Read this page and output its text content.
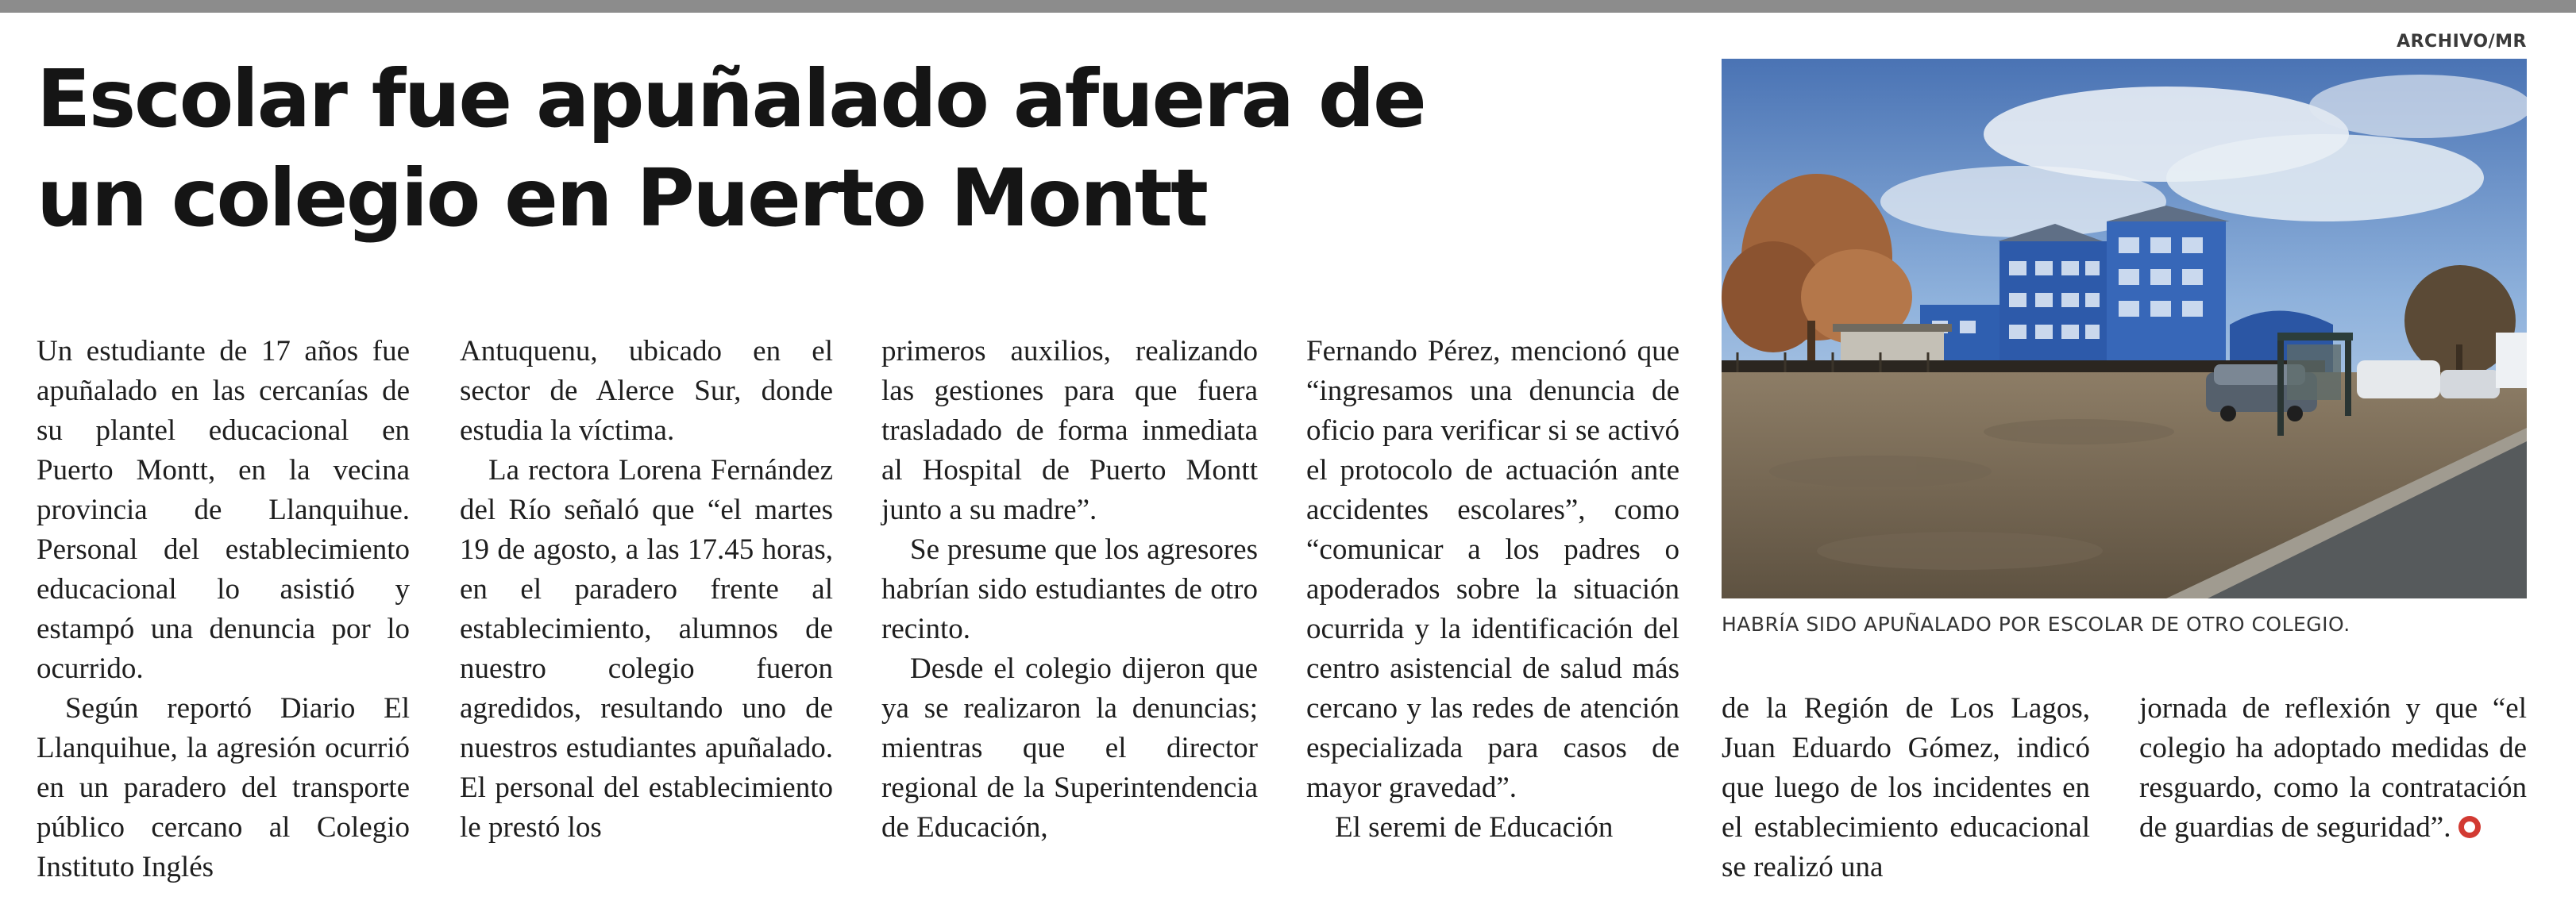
Escolar fue apuñalado afuera de
un colegio en Puerto Montt

Un estudiante de 17 años fue apuñalado en las cercanías de su plantel educacional en Puerto Montt, en la vecina provincia de Llanquihue. Personal del establecimiento educacional lo asistió y estampó una denuncia por lo ocurrido.

Según reportó Diario El Llanquihue, la agresión ocurrió en un paradero del transporte público cercano al Colegio Instituto Inglés

Antuquenu, ubicado en el sector de Alerce Sur, donde estudia la víctima.

La rectora Lorena Fernández del Río señaló que “el martes 19 de agosto, a las 17.45 horas, en el paradero frente al establecimiento, alumnos de nuestro colegio fueron agredidos, resultando uno de nuestros estudiantes apuñalado. El personal del establecimiento le prestó los

primeros auxilios, realizando las gestiones para que fuera trasladado de forma inmediata al Hospital de Puerto Montt junto a su madre”.

Se presume que los agresores habrían sido estudiantes de otro recinto.

Desde el colegio dijeron que ya se realizaron la denuncias; mientras que el director regional de la Superintendencia de Educación,

Fernando Pérez, mencionó que “ingresamos una denuncia de oficio para verificar si se activó el protocolo de actuación ante accidentes escolares”, como “comunicar a los padres o apoderados sobre la situación ocurrida y la identificación del centro asistencial de salud más cercano y las redes de atención especializada para casos de mayor gravedad”.

El seremi de Educación

de la Región de Los Lagos, Juan Eduardo Gómez, indicó que luego de los incidentes en el establecimiento educacional se realizó una

jornada de reflexión y que “el colegio ha adoptado medidas de resguardo, como la contratación de guardias de seguridad”.

ARCHIVO/MR
HABRÍA SIDO APUÑALADO POR ESCOLAR DE OTRO COLEGIO.
